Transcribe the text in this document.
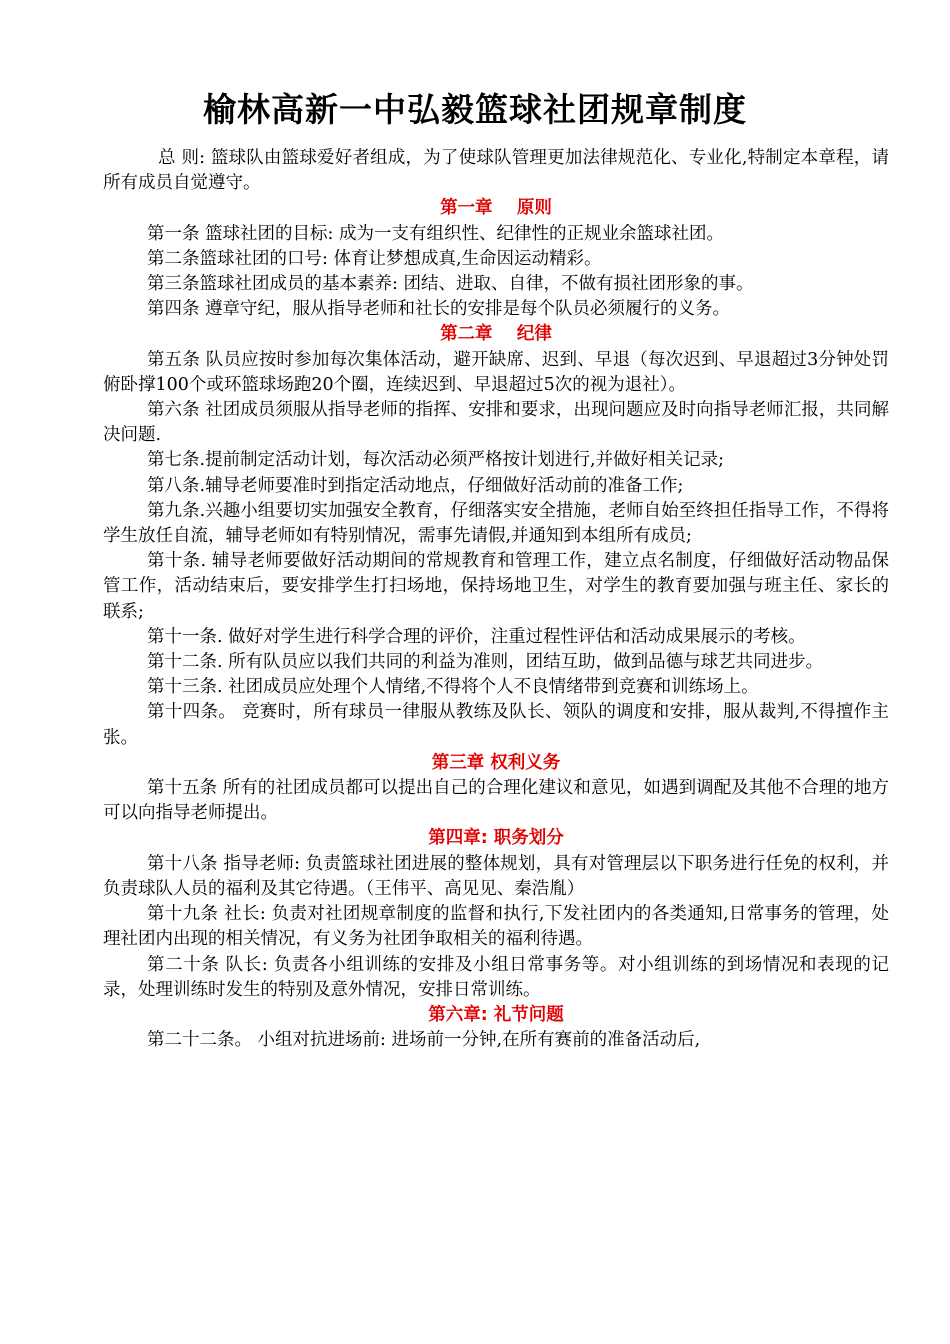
榆林高新一中弘毅篮球社团规章制度

总 则: 篮球队由篮球爱好者组成，为了使球队管理更加法律规范化、专业化,特制定本章程，请所有成员自觉遵守。

第一章    原则

第一条 篮球社团的目标: 成为一支有组织性、纪律性的正规业余篮球社团。

第二条篮球社团的口号: 体育让梦想成真,生命因运动精彩。

第三条篮球社团成员的基本素养: 团结、进取、自律，不做有损社团形象的事。

第四条 遵章守纪，服从指导老师和社长的安排是每个队员必须履行的义务。

第二章    纪律

第五条 队员应按时参加每次集体活动，避开缺席、迟到、早退（每次迟到、早退超过3分钟处罚俯卧撑100个或环篮球场跑20个圈，连续迟到、早退超过5次的视为退社）。

第六条 社团成员须服从指导老师的指挥、安排和要求，出现问题应及时向指导老师汇报，共同解决问题.

第七条.提前制定活动计划，每次活动必须严格按计划进行,并做好相关记录;

第八条.辅导老师要准时到指定活动地点，仔细做好活动前的准备工作;

第九条.兴趣小组要切实加强安全教育，仔细落实安全措施，老师自始至终担任指导工作，不得将学生放任自流，辅导老师如有特别情况，需事先请假,并通知到本组所有成员;

第十条. 辅导老师要做好活动期间的常规教育和管理工作，建立点名制度，仔细做好活动物品保管工作，活动结束后，要安排学生打扫场地，保持场地卫生，对学生的教育要加强与班主任、家长的联系;

第十一条. 做好对学生进行科学合理的评价，注重过程性评估和活动成果展示的考核。

第十二条. 所有队员应以我们共同的利益为准则，团结互助，做到品德与球艺共同进步。

第十三条. 社团成员应处理个人情绪,不得将个人不良情绪带到竞赛和训练场上。

第十四条。 竞赛时，所有球员一律服从教练及队长、领队的调度和安排，服从裁判,不得擅作主张。

第三章 权利义务

第十五条 所有的社团成员都可以提出自己的合理化建议和意见，如遇到调配及其他不合理的地方可以向指导老师提出。

第四章: 职务划分

第十八条 指导老师: 负责篮球社团进展的整体规划，具有对管理层以下职务进行任免的权利，并负责球队人员的福利及其它待遇。（王伟平、高见见、秦浩胤）

第十九条 社长: 负责对社团规章制度的监督和执行,下发社团内的各类通知,日常事务的管理，处理社团内出现的相关情况，有义务为社团争取相关的福利待遇。

第二十条 队长: 负责各小组训练的安排及小组日常事务等。对小组训练的到场情况和表现的记录，处理训练时发生的特别及意外情况，安排日常训练。

第六章: 礼节问题

第二十二条。 小组对抗进场前: 进场前一分钟,在所有赛前的准备活动后,
